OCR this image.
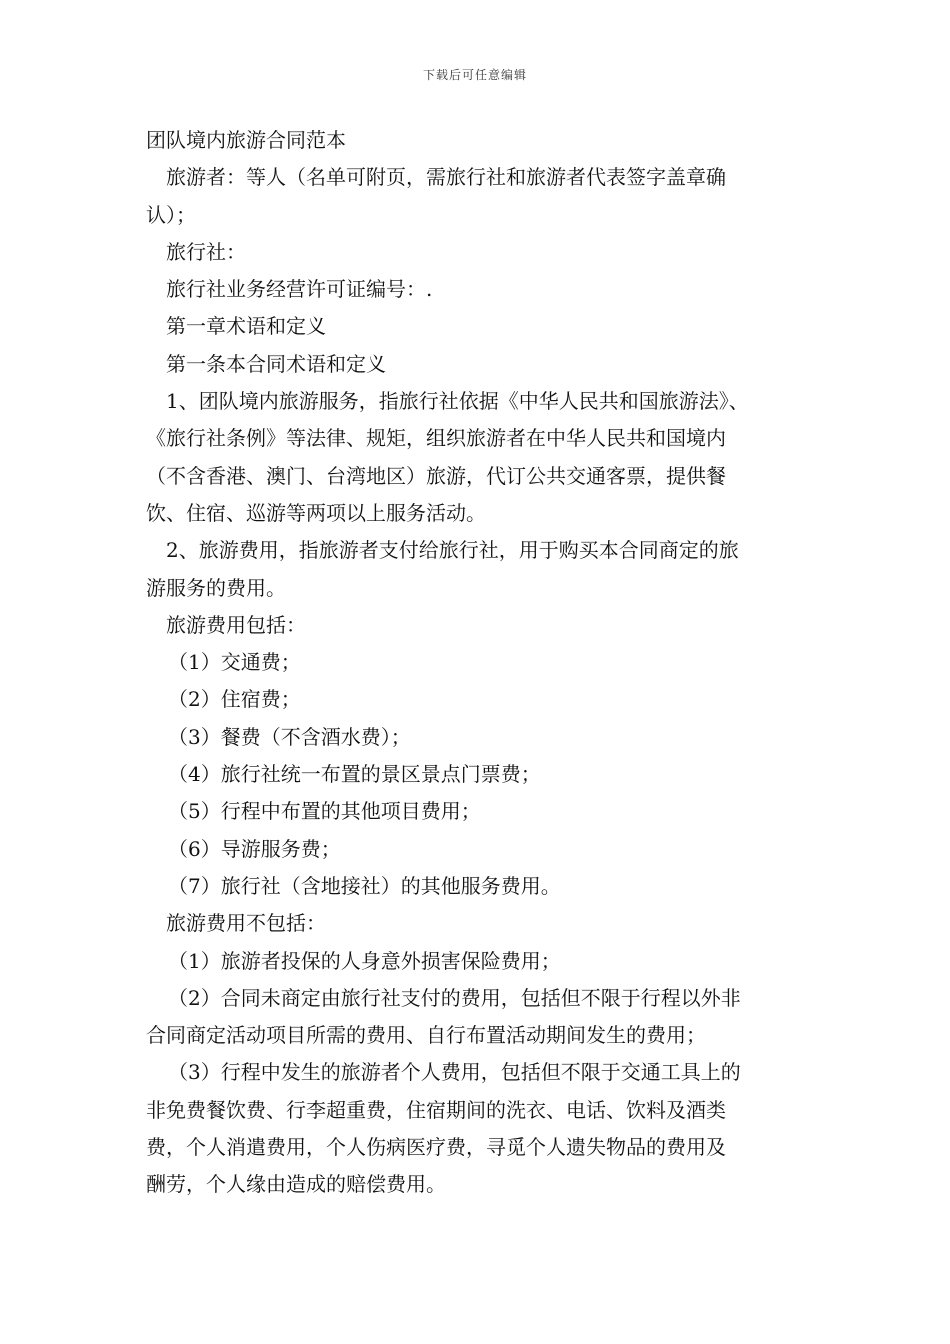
下载后可任意编辑

团队境内旅游合同范本

旅游者：等人（名单可附页，需旅行社和旅游者代表签字盖章确

认）；

旅行社：

旅行社业务经营许可证编号：.

第一章术语和定义

第一条本合同术语和定义

1、团队境内旅游服务，指旅行社依据《中华人民共和国旅游法》、

《旅行社条例》等法律、规矩，组织旅游者在中华人民共和国境内

（不含香港、澳门、台湾地区）旅游，代订公共交通客票，提供餐

饮、住宿、巡游等两项以上服务活动。

2、旅游费用，指旅游者支付给旅行社，用于购买本合同商定的旅

游服务的费用。

旅游费用包括：

（1）交通费；

（2）住宿费；

（3）餐费（不含酒水费）；

（4）旅行社统一布置的景区景点门票费；

（5）行程中布置的其他项目费用；

（6）导游服务费；

（7）旅行社（含地接社）的其他服务费用。

旅游费用不包括：

（1）旅游者投保的人身意外损害保险费用；

（2）合同未商定由旅行社支付的费用，包括但不限于行程以外非

合同商定活动项目所需的费用、自行布置活动期间发生的费用；

（3）行程中发生的旅游者个人费用，包括但不限于交通工具上的

非免费餐饮费、行李超重费，住宿期间的洗衣、电话、饮料及酒类

费，个人消遣费用，个人伤病医疗费，寻觅个人遗失物品的费用及

酬劳，个人缘由造成的赔偿费用。
